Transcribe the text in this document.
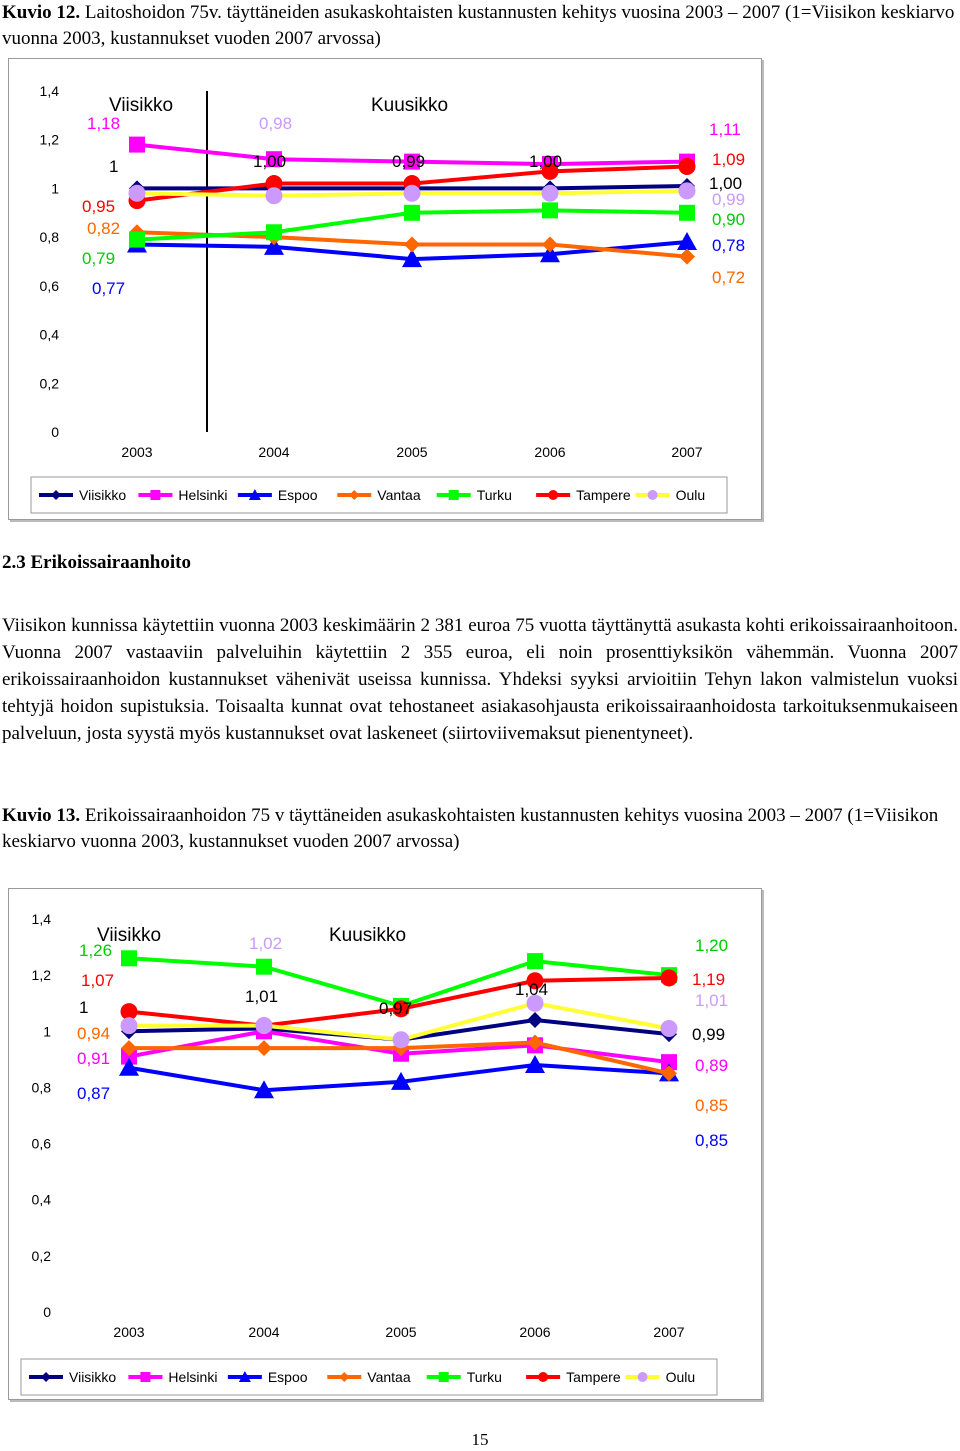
Kuvio 12. Laitoshoidon 75v. täyttäneiden asukaskohtaisten kustannusten kehitys vuosina 2003 – 2007 (1=Viisikon keskiarvo vuonna 2003, kustannukset vuoden 2007 arvossa)

0
0,2
0,4
0,6
0,8
1
1,2
1,4
2003	2004	2005	2006	2007
Viisikko	Kuusikko
1,18
1
0,95
0,82
0,79
0,77
0,98
1,00	0,99	1,00
1,11
1,09
1,00
0,99
0,90
0,78
0,72
Viisikko	Helsinki	Espoo	Vantaa	Turku	Tampere	Oulu
2.3 Erikoissairaanhoito

Viisikon kunnissa käytettiin vuonna 2003 keskimäärin 2 381 euroa 75 vuotta täyttänyttä asukasta kohti erikoissairaanhoitoon. Vuonna 2007 vastaaviin palveluihin käytettiin 2 355 euroa, eli noin prosenttiyksikön vähemmän. Vuonna 2007 erikoissairaanhoidon kustannukset vähenivät useissa kunnissa. Yhdeksi syyksi arvioitiin Tehyn lakon valmistelun vuoksi tehtyjä hoidon supistuksia. Toisaalta kunnat ovat tehostaneet asiakasohjausta erikoissairaanhoidosta tarkoituksenmukaiseen palveluun, josta syystä myös kustannukset ovat laskeneet (siirtoviivemaksut pienentyneet).

Kuvio 13. Erikoissairaanhoidon 75 v täyttäneiden asukaskohtaisten kustannusten kehitys vuosina 2003 – 2007 (1=Viisikon keskiarvo vuonna 2003, kustannukset vuoden 2007 arvossa)

0
0,2
0,4
0,6
0,8
1
1,2
1,4
2003	2004	2005	2006	2007
Viisikko	Kuusikko
1,26
1,07
1
0,94
0,91
0,87
1,02
1,01
0,97
1,04
1,20
1,19
1,01
0,99
0,89
0,85
0,85
Viisikko	Helsinki	Espoo	Vantaa	Turku	Tampere	Oulu
15
